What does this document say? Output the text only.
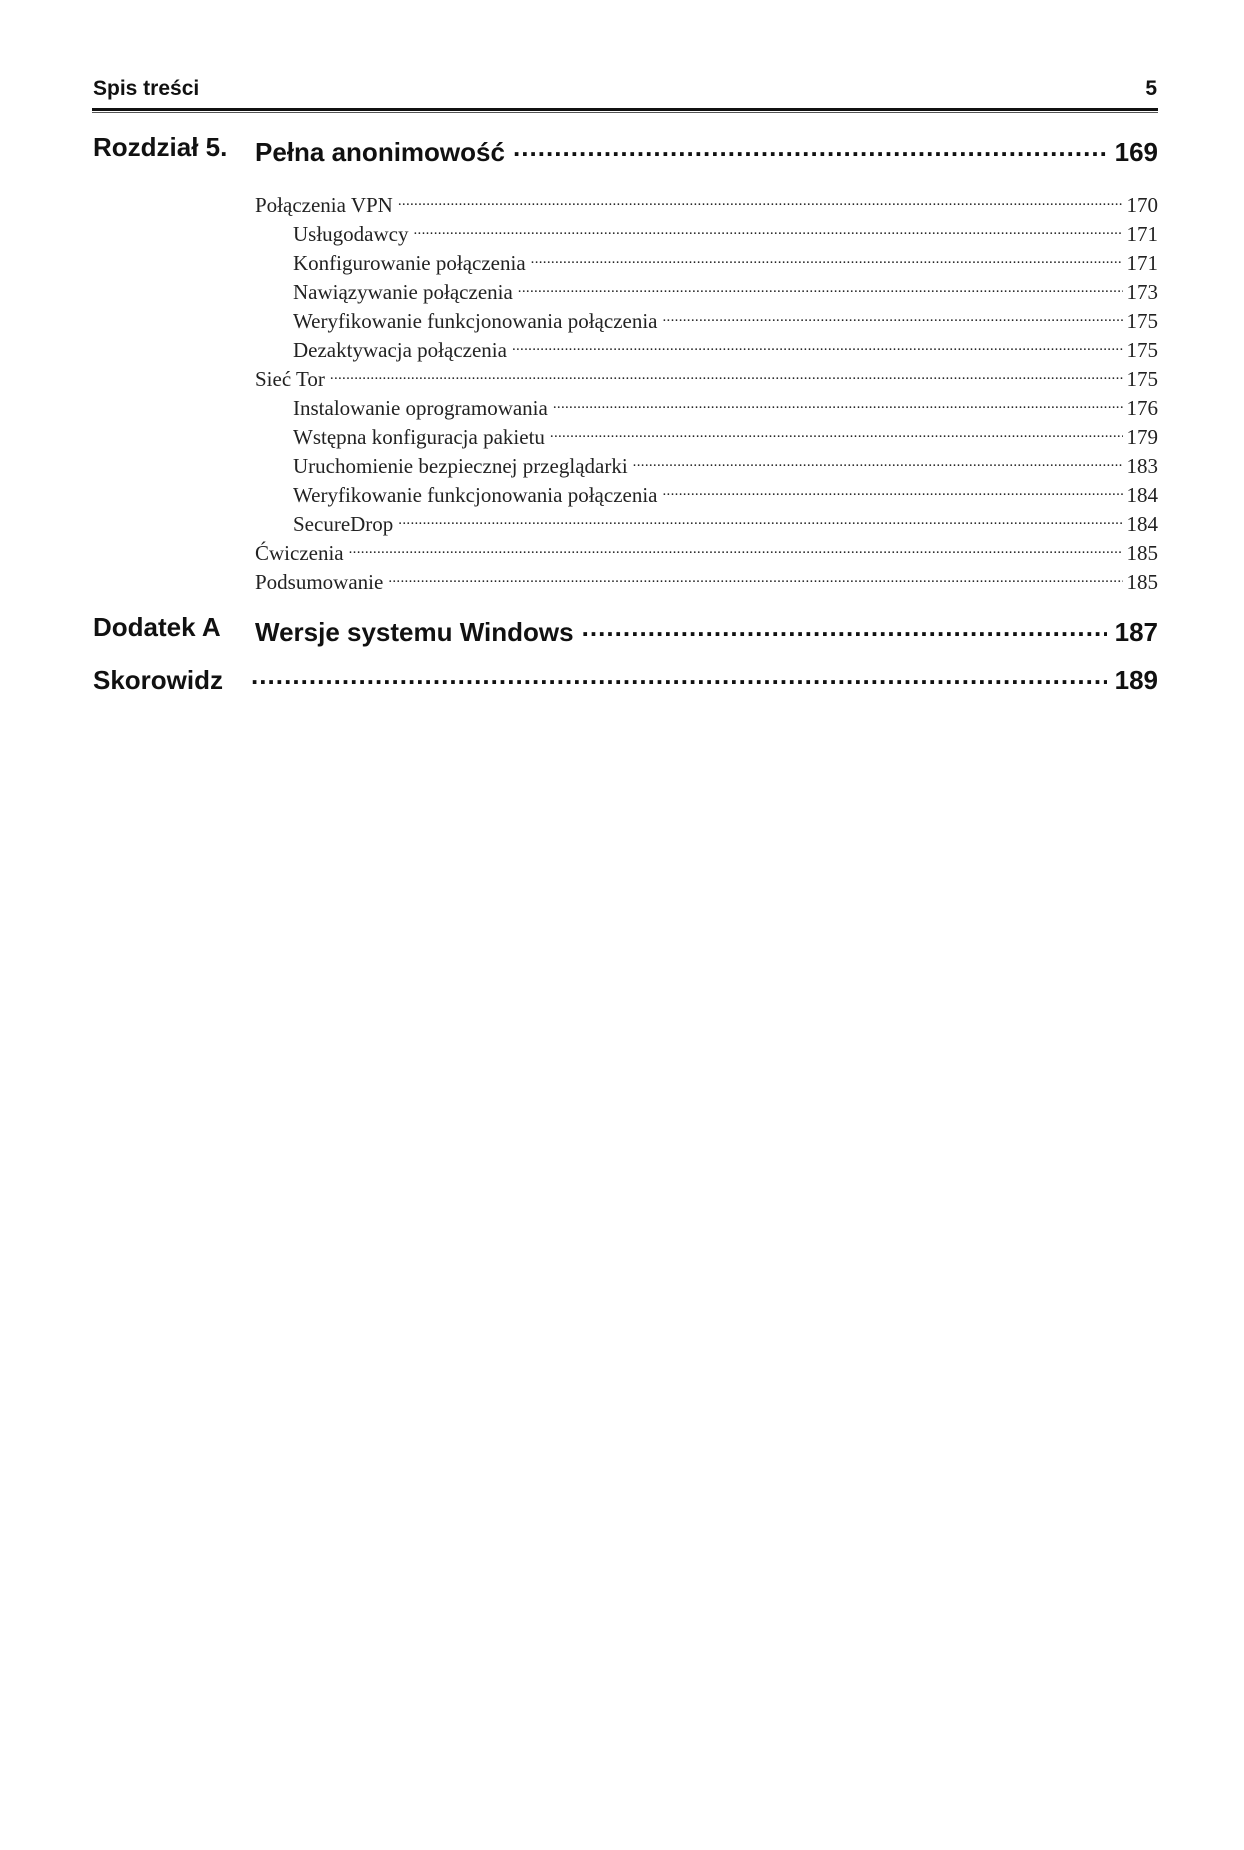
Spis treści	5
Rozdział 5. Pełna anonimowość .....	169
Połączenia VPN .....	170
Usługodawcy .....	171
Konfigurowanie połączenia .....	171
Nawiązywanie połączenia .....	173
Weryfikowanie funkcjonowania połączenia .....	175
Dezaktywacja połączenia .....	175
Sieć Tor .....	175
Instalowanie oprogramowania .....	176
Wstępna konfiguracja pakietu .....	179
Uruchomienie bezpiecznej przeglądarki .....	183
Weryfikowanie funkcjonowania połączenia .....	184
SecureDrop .....	184
Ćwiczenia .....	185
Podsumowanie .....	185
Dodatek A Wersje systemu Windows .....	187
Skorowidz .....	189
